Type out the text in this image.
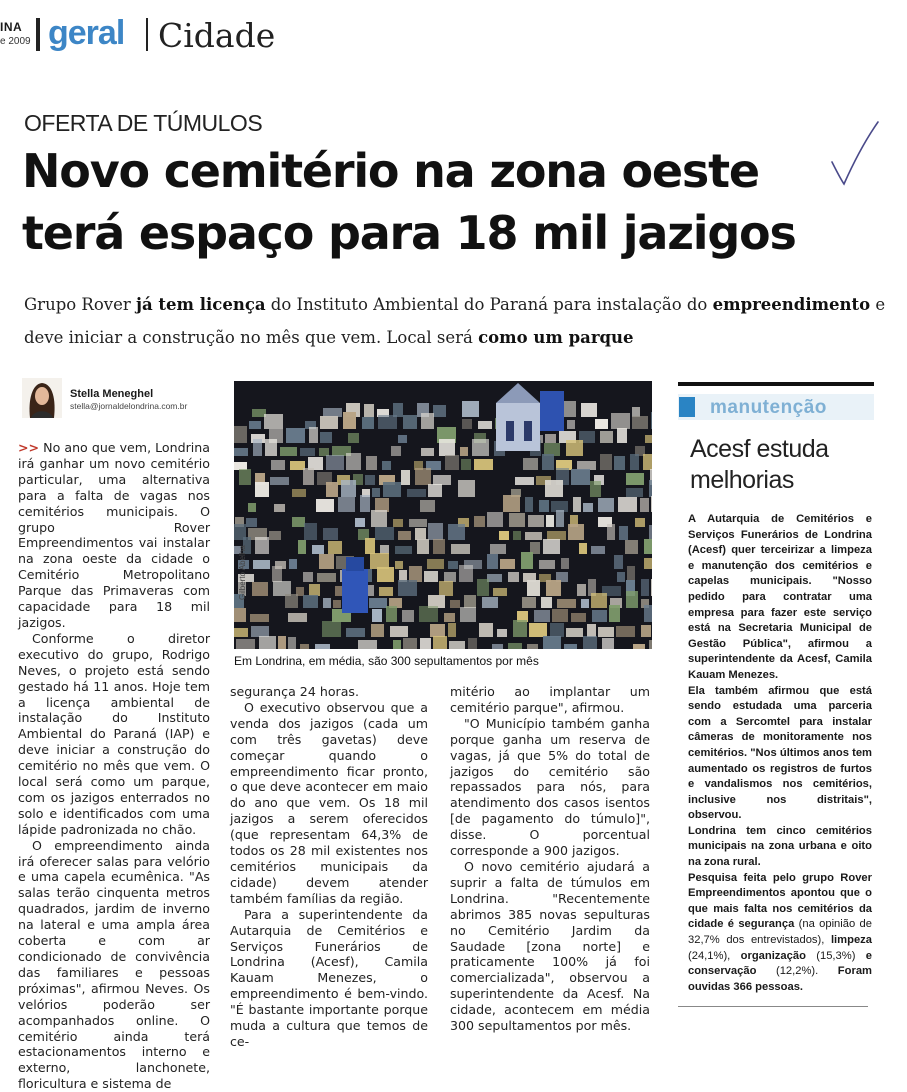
INA
e 2009 geral Cidade
OFERTA DE TÚMULOS
Novo cemitério na zona oeste
terá espaço para 18 mil jazigos
Grupo Rover já tem licença do Instituto Ambiental do Paraná para instalação do empreendimento e deve iniciar a construção no mês que vem. Local será como um parque
Stella Meneghel
stella@jornaldelondrina.com.br

>> No ano que vem, Londrina irá ganhar um novo cemitério particular, uma alternativa para a falta de vagas nos cemitérios municipais. O grupo Rover Empreendimentos vai instalar na zona oeste da cidade o Cemitério Metropolitano Parque das Primaveras com capacidade para 18 mil jazigos.

Conforme o diretor executivo do grupo, Rodrigo Neves, o projeto está sendo gestado há 11 anos. Hoje tem a licença ambiental de instalação do Instituto Ambiental do Paraná (IAP) e deve iniciar a construção do cemitério no mês que vem. O local será como um parque, com os jazigos enterrados no solo e identificados com uma lápide padronizada no chão.

O empreendimento ainda irá oferecer salas para velório e uma capela ecumênica. "As salas terão cinquenta metros quadrados, jardim de inverno na lateral e uma ampla área coberta e com ar condicionado de convivência das familiares e pessoas próximas", afirmou Neves. Os velórios poderão ser acompanhados online. O cemitério ainda terá estacionamentos interno e externo, lanchonete, floricultura e sistema de

Gilberto Abelha
Em Londrina, em média, são 300 sepultamentos por mês

segurança 24 horas.

O executivo observou que a venda dos jazigos (cada um com três gavetas) deve começar quando o empreendimento ficar pronto, o que deve acontecer em maio do ano que vem. Os 18 mil jazigos a serem oferecidos (que representam 64,3% de todos os 28 mil existentes nos cemitérios municipais da cidade) devem atender também famílias da região.

Para a superintendente da Autarquia de Cemitérios e Serviços Funerários de Londrina (Acesf), Camila Kauam Menezes, o empreendimento é bem-vindo. "É bastante importante porque muda a cultura que temos de ce-

mitério ao implantar um cemitério parque", afirmou.

"O Município também ganha porque ganha um reserva de vagas, já que 5% do total de jazigos do cemitério são repassados para nós, para atendimento dos casos isentos [de pagamento do túmulo]", disse. O porcentual corresponde a 900 jazigos.

O novo cemitério ajudará a suprir a falta de túmulos em Londrina. "Recentemente abrimos 385 novas sepulturas no Cemitério Jardim da Saudade [zona norte] e praticamente 100% já foi comercializada", observou a superintendente da Acesf. Na cidade, acontecem em média 300 sepultamentos por mês.

manutenção
Acesf estuda
melhorias

A Autarquia de Cemitérios e Serviços Funerários de Londrina (Acesf) quer terceirizar a limpeza e manutenção dos cemitérios e capelas municipais. "Nosso pedido para contratar uma empresa para fazer este serviço está na Secretaria Municipal de Gestão Pública", afirmou a superintendente da Acesf, Camila Kauam Menezes.

Ela também afirmou que está sendo estudada uma parceria com a Sercomtel para instalar câmeras de monitoramente nos cemitérios. "Nos últimos anos tem aumentado os registros de furtos e vandalismos nos cemitérios, inclusive nos distritais", observou.

Londrina tem cinco cemitérios municipais na zona urbana e oito na zona rural.

Pesquisa feita pelo grupo Rover Empreendimentos apontou que o que mais falta nos cemitérios da cidade é segurança (na opinião de 32,7% dos entrevistados), limpeza (24,1%), organização (15,3%) e conservação (12,2%). Foram ouvidas 366 pessoas.
